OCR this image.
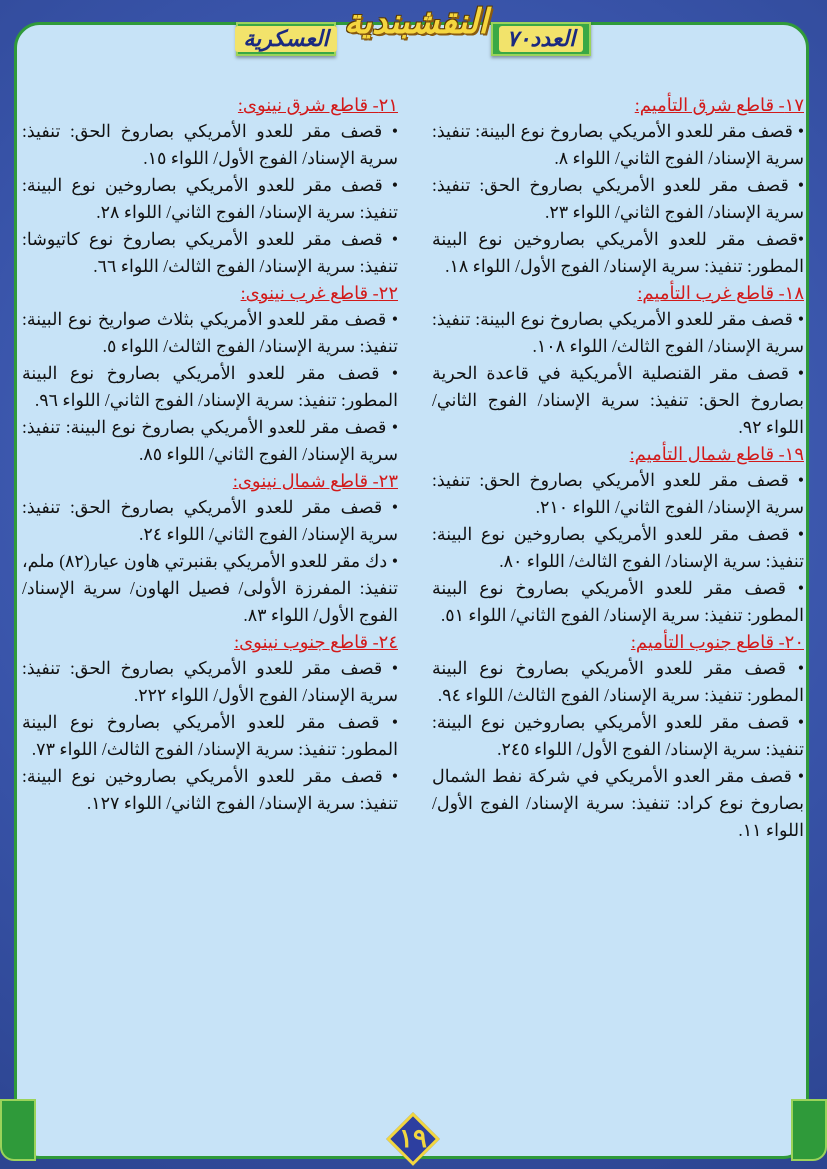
العسكرية النقشبندية العدد٧٠

١٧- قاطع شرق التأميم:

• قصف مقر للعدو الأمريكي بصاروخ نوع البينة: تنفيذ: سرية الإسناد/ الفوج الثاني/ اللواء ٨.

• قصف مقر للعدو الأمريكي بصاروخ الحق: تنفيذ: سرية الإسناد/ الفوج الثاني/ اللواء ٢٣.

•قصف مقر للعدو الأمريكي بصاروخين نوع البينة المطور: تنفيذ: سرية الإسناد/ الفوج الأول/ اللواء ١٨.

١٨- قاطع غرب التأميم:

• قصف مقر للعدو الأمريكي بصاروخ نوع البينة: تنفيذ: سرية الإسناد/ الفوج الثالث/ اللواء ١٠٨.

• قصف مقر القنصلية الأمريكية في قاعدة الحرية بصاروخ الحق: تنفيذ: سرية الإسناد/ الفوج الثاني/ اللواء ٩٢.

١٩- قاطع شمال التأميم:

• قصف مقر للعدو الأمريكي بصاروخ الحق: تنفيذ: سرية الإسناد/ الفوج الثاني/ اللواء ٢١٠.

• قصف مقر للعدو الأمريكي بصاروخين نوع البينة: تنفيذ: سرية الإسناد/ الفوج الثالث/ اللواء ٨٠.

• قصف مقر للعدو الأمريكي بصاروخ نوع البينة المطور: تنفيذ: سرية الإسناد/ الفوج الثاني/ اللواء ٥١.

٢٠- قاطع جنوب التأميم:

• قصف مقر للعدو الأمريكي بصاروخ نوع البينة المطور: تنفيذ: سرية الإسناد/ الفوج الثالث/ اللواء ٩٤.

• قصف مقر للعدو الأمريكي بصاروخين نوع البينة: تنفيذ: سرية الإسناد/ الفوج الأول/ اللواء ٢٤٥.

• قصف مقر العدو الأمريكي في شركة نفط الشمال بصاروخ نوع كراد: تنفيذ: سرية الإسناد/ الفوج الأول/ اللواء ١١.

٢١- قاطع شرق نينوى:

• قصف مقر للعدو الأمريكي بصاروخ الحق: تنفيذ: سرية الإسناد/ الفوج الأول/ اللواء ١٥.

• قصف مقر للعدو الأمريكي بصاروخين نوع البينة: تنفيذ: سرية الإسناد/ الفوج الثاني/ اللواء ٢٨.

• قصف مقر للعدو الأمريكي بصاروخ نوع كاتيوشا: تنفيذ: سرية الإسناد/ الفوج الثالث/ اللواء ٦٦.

٢٢- قاطع غرب نينوى:

• قصف مقر للعدو الأمريكي بثلاث صواريخ نوع البينة: تنفيذ: سرية الإسناد/ الفوج الثالث/ اللواء ٥.

• قصف مقر للعدو الأمريكي بصاروخ نوع البينة المطور: تنفيذ: سرية الإسناد/ الفوج الثاني/ اللواء ٩٦.

• قصف مقر للعدو الأمريكي بصاروخ نوع البينة: تنفيذ: سرية الإسناد/ الفوج الثاني/ اللواء ٨٥.

٢٣- قاطع شمال نينوى:

• قصف مقر للعدو الأمريكي بصاروخ الحق: تنفيذ: سرية الإسناد/ الفوج الثاني/ اللواء ٢٤.

• دك مقر للعدو الأمريكي بقنبرتي هاون عيار(٨٢) ملم، تنفيذ: المفرزة الأولى/ فصيل الهاون/ سرية الإسناد/ الفوج الأول/ اللواء ٨٣.

٢٤- قاطع جنوب نينوى:

• قصف مقر للعدو الأمريكي بصاروخ الحق: تنفيذ: سرية الإسناد/ الفوج الأول/ اللواء ٢٢٢.

• قصف مقر للعدو الأمريكي بصاروخ نوع البينة المطور: تنفيذ: سرية الإسناد/ الفوج الثالث/ اللواء ٧٣.

• قصف مقر للعدو الأمريكي بصاروخين نوع البينة: تنفيذ: سرية الإسناد/ الفوج الثاني/ اللواء ١٢٧.

١٩
